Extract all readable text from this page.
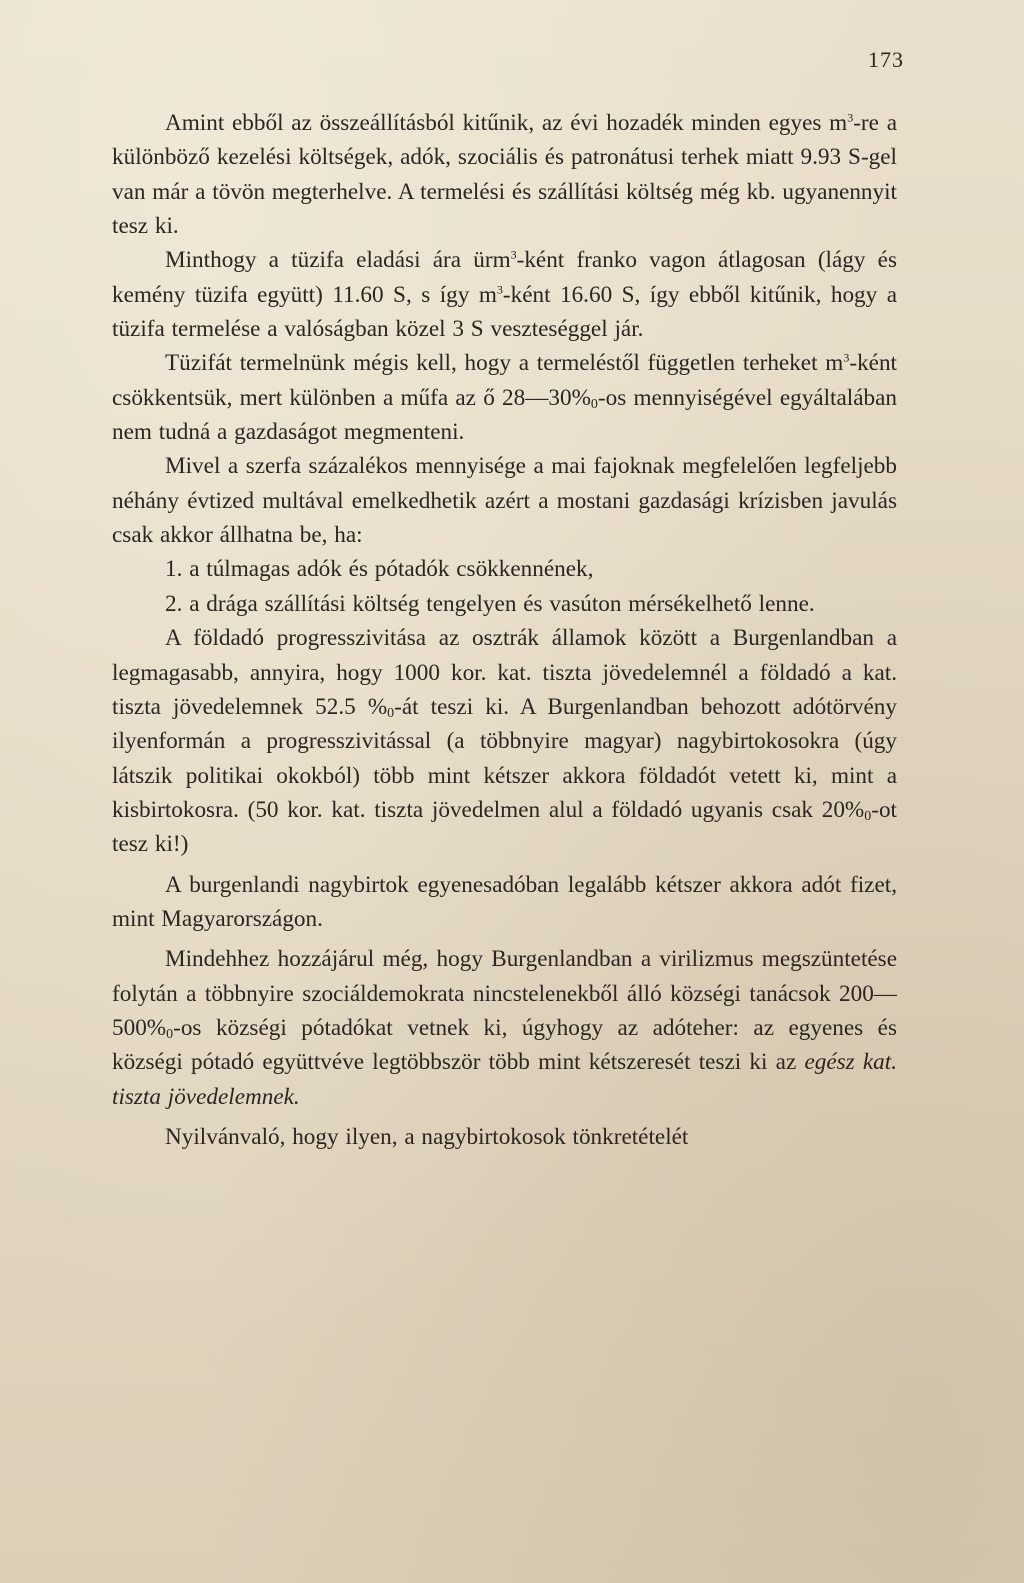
173

Amint ebből az összeállításból kitűnik, az évi hozadék minden egyes $m^3-re$ a különböző kezelési költségek, adók, szociális és patronátusi terhek miatt 9.93 S-gel van már a tövön megterhelve. A termelési és szállítási költség még kb. ugyanennyit tesz ki.

Minthogy a tüzifa eladási ára ürm$^3$-ként franko vagon átlagosan (lágy és kemény tüzifa együtt) 11.60 S, s így $m^3$-ként 16.60 S, így ebből kitűnik, hogy a tüzifa termelése a valóságban közel 3 S veszteséggel jár.

Tüzifát termelnünk mégis kell, hogy a termeléstől független terheket $m^3$-ként csökkentsük, mert különben a műfa az ő $28—30\%_0-os$ mennyiségével egyáltalában nem tudná a gazdaságot megmenteni.

Mivel a szerfa százalékos mennyisége a mai fajoknak megfelelően legfeljebb néhány évtized multával emelkedhetik azért a mostani gazdasági krízisben javulás csak akkor állhatna be, ha:

1. a túlmagas adók és pótadók csökkennének,

2. a drága szállítási költség tengelyen és vasúton mérsékelhető lenne.

A földadó progresszivitása az osztrák államok között a Burgenlandban a legmagasabb, annyira, hogy 1000 kor. kat. tiszta jövedelemnél a földadó a kat. tiszta jövedelemnek 52.5 $\%_0-át$ teszi ki. A Burgenlandban behozott adótörvény ilyenformán a progresszivitással (a többnyire magyar) nagybirtokosokra (úgy látszik politikai okokból) több mint kétszer akkora földadót vetett ki, mint a kisbirtokosra. (50 kor. kat. tiszta jövedelmen alul a földadó ugyanis csak $20\%_0-ot$ tesz ki!)

A burgenlandi nagybirtok egyenesadóban legalább kétszer akkora adót fizet, mint Magyarországon.

Mindehhez hozzájárul még, hogy Burgenlandban a virilizmus megszüntetése folytán a többnyire szociáldemokrata nincstelenekből álló községi tanácsok $200—500\%_0-os$ községi pótadókat vetnek ki, úgyhogy az adóteher: az egyenes és községi pótadó együttvéve legtöbbször több mint kétszeresét teszi ki az egész kat. tiszta jövedelemnek.

Nyilvánvaló, hogy ilyen, a nagybirtokosok tönkretételét
